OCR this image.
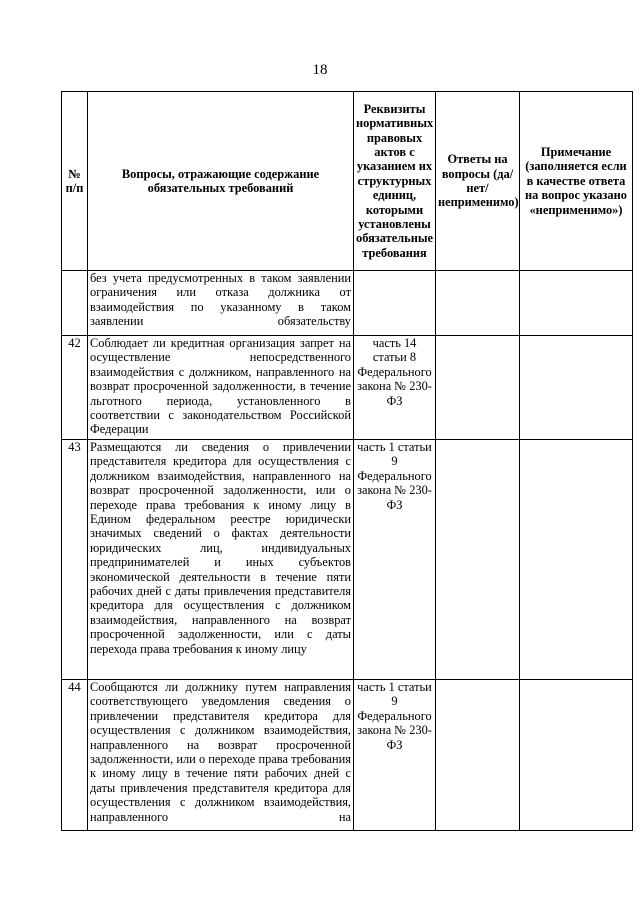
18
№ п/п	Вопросы, отражающие содержание обязательных требований	Реквизиты нормативных правовых актов с указанием их структурных единиц, которыми установлены обязательные требования	Ответы на вопросы (да/нет/ неприменимо)	Примечание (заполняется если в качестве ответа на вопрос указано «неприменимо»)
	без учета предусмотренных в таком заявлении ограничения или отказа должника от взаимодействия по указанному в таком заявлении обязательству			
42	Соблюдает ли кредитная организация запрет на осуществление непосредственного взаимодействия с должником, направленного на возврат просроченной задолженности, в течение льготного периода, установленного в соответствии с законодательством Российской Федерации	часть 14 статьи 8 Федерального закона № 230-ФЗ		
43	Размещаются ли сведения о привлечении представителя кредитора для осуществления с должником взаимодействия, направленного на возврат просроченной задолженности, или о переходе права требования к иному лицу в Едином федеральном реестре юридически значимых сведений о фактах деятельности юридических лиц, индивидуальных предпринимателей и иных субъектов экономической деятельности в течение пяти рабочих дней с даты привлечения представителя кредитора для осуществления с должником взаимодействия, направленного на возврат просроченной задолженности, или с даты перехода права требования к иному лицу	часть 1 статьи 9 Федерального закона № 230-ФЗ		
44	Сообщаются ли должнику путем направления соответствующего уведомления сведения о привлечении представителя кредитора для осуществления с должником взаимодействия, направленного на возврат просроченной задолженности, или о переходе права требования к иному лицу в течение пяти рабочих дней с даты привлечения представителя кредитора для осуществления с должником взаимодействия, направленного на	часть 1 статьи 9 Федерального закона № 230-ФЗ		
